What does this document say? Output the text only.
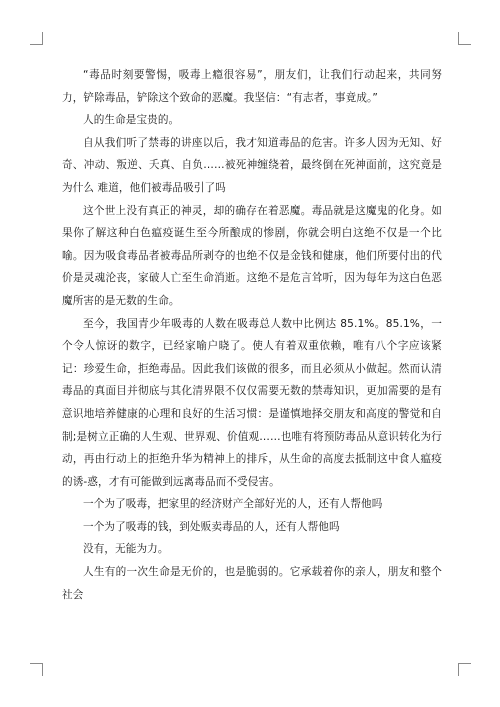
“毒品时刻要警惕，吸毒上瘾很容易”，朋友们，让我们行动起来，共同努力，铲除毒品，铲除这个致命的恶魔。我坚信：“有志者，事竟成。”

人的生命是宝贵的。

自从我们听了禁毒的讲座以后，我才知道毒品的危害。许多人因为无知、好奇、冲动、叛逆、夭真、自负……被死神缠绕着，最终倒在死神面前，这究竟是为什么 难道，他们被毒品吸引了吗

这个世上没有真正的神灵，却的确存在着恶魔。毒品就是这魔鬼的化身。如果你了解这种白色瘟疫诞生至今所酿成的惨剧，你就会明白这绝不仅是一个比喻。因为吸食毒品者被毒品所剥夺的也绝不仅是金钱和健康，他们所要付出的代价是灵魂沦丧，家破人亡至生命消逝。这绝不是危言耸听，因为每年为这白色恶魔所害的是无数的生命。

至今，我国青少年吸毒的人数在吸毒总人数中比例达 85.1%。85.1%，一个令人惊讶的数字，已经家喻户晓了。使人有着双重依赖，唯有八个字应该紧记：珍爱生命，拒绝毒品。因此我们该做的很多，而且必须从小做起。然而认清毒品的真面目并彻底与其化清界限不仅仅需要无数的禁毒知识，更加需要的是有意识地培养健康的心理和良好的生活习惯：是谨慎地择交朋友和高度的警觉和自制;是树立正确的人生观、世界观、价值观……也唯有将预防毒品从意识转化为行动，再由行动上的拒绝升华为精神上的排斥，从生命的高度去抵制这中食人瘟疫的诱-惑，才有可能做到远离毒品而不受侵害。

一个为了吸毒，把家里的经济财产全部好光的人，还有人帮他吗

一个为了吸毒的钱，到处贩卖毒品的人，还有人帮他吗

没有，无能为力。

人生有的一次生命是无价的，也是脆弱的。它承载着你的亲人，朋友和整个社会
